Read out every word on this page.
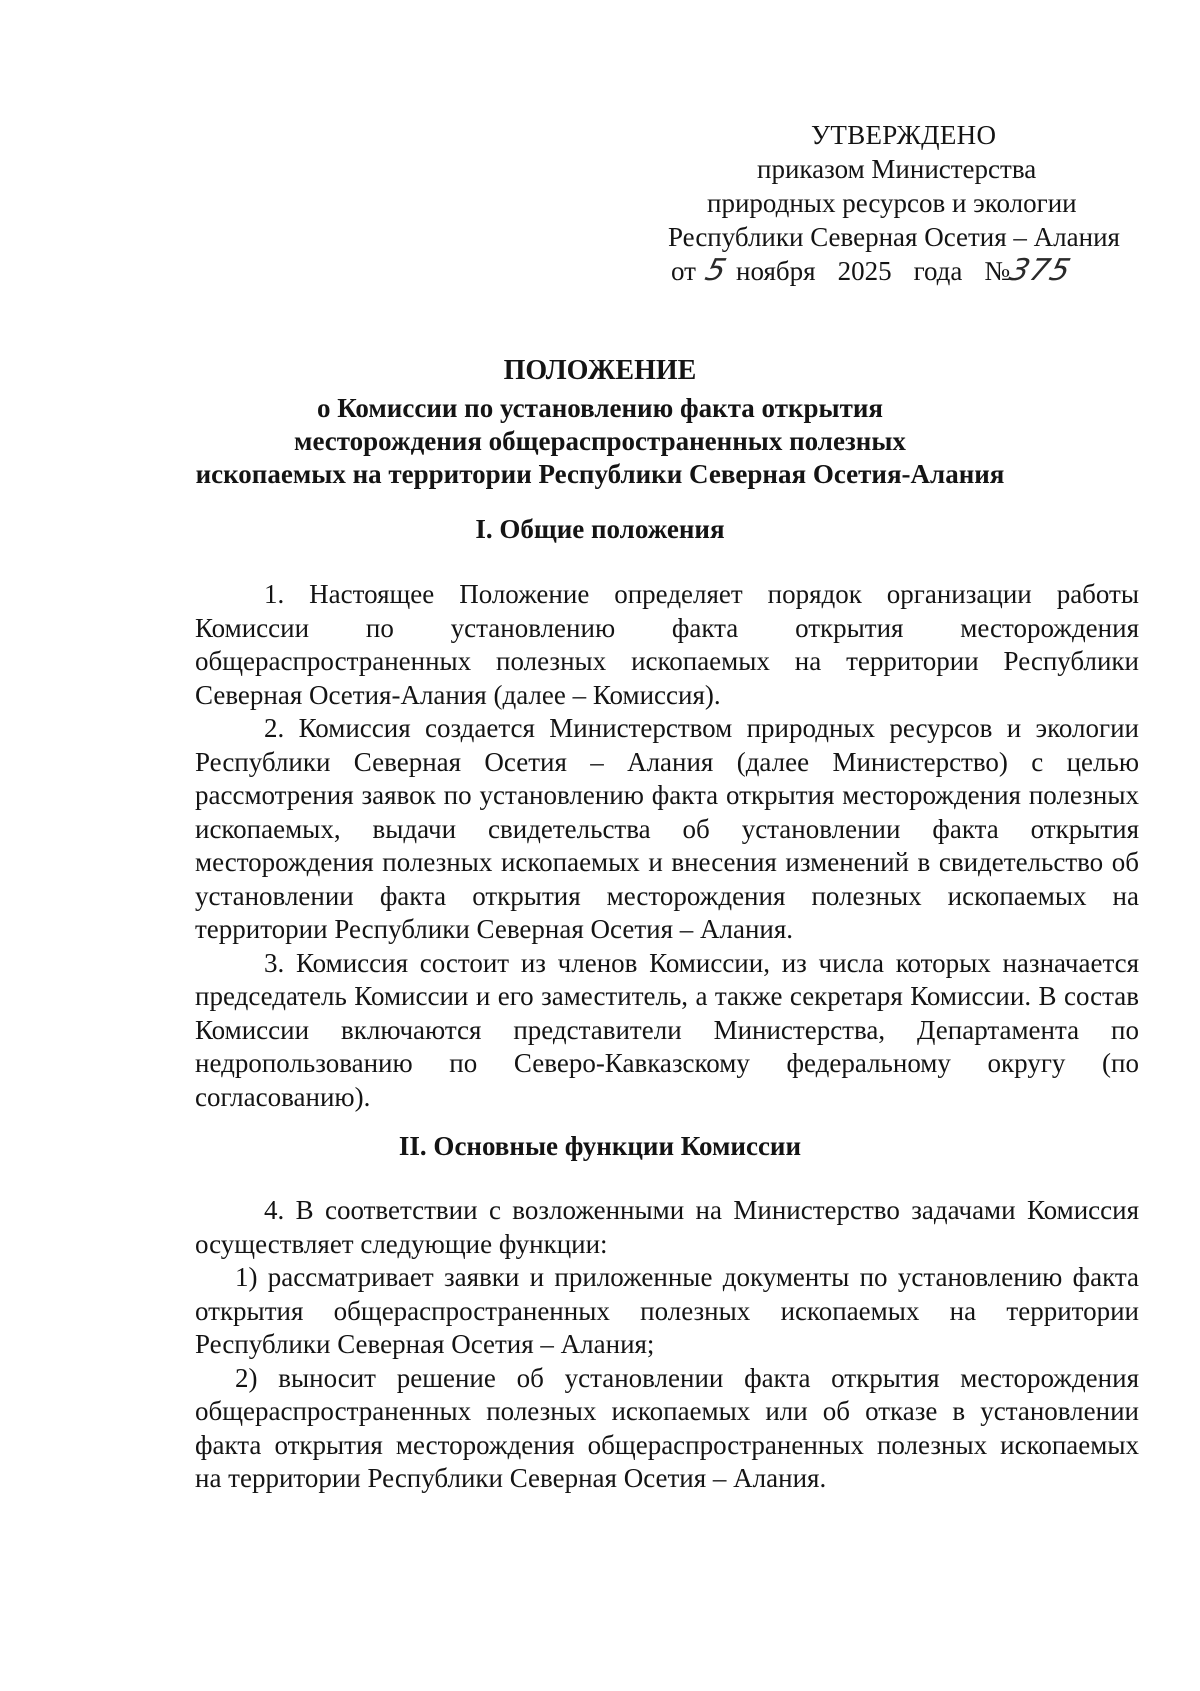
УТВЕРЖДЕНО
приказом Министерства
природных ресурсов и экологии
Республики Северная Осетия – Алания
от 5 ноября 2025 года №375
ПОЛОЖЕНИЕ
о Комиссии по установлению факта открытия
месторождения общераспространенных полезных
ископаемых на территории Республики Северная Осетия-Алания
I. Общие положения

1. Настоящее Положение определяет порядок организации работы Комиссии по установлению факта открытия месторождения общераспространенных полезных ископаемых на территории Республики Северная Осетия-Алания (далее – Комиссия).

2. Комиссия создается Министерством природных ресурсов и экологии Республики Северная Осетия – Алания (далее Министерство) с целью рассмотрения заявок по установлению факта открытия месторождения полезных ископаемых, выдачи свидетельства об установлении факта открытия месторождения полезных ископаемых и внесения изменений в свидетельство об установлении факта открытия месторождения полезных ископаемых на территории Республики Северная Осетия – Алания.

3. Комиссия состоит из членов Комиссии, из числа которых назначается председатель Комиссии и его заместитель, а также секретаря Комиссии. В состав Комиссии включаются представители Министерства, Департамента по недропользованию по Северо-Кавказскому федеральному округу (по согласованию).

II. Основные функции Комиссии

4. В соответствии с возложенными на Министерство задачами Комиссия осуществляет следующие функции:

1) рассматривает заявки и приложенные документы по установлению факта открытия общераспространенных полезных ископаемых на территории Республики Северная Осетия – Алания;

2) выносит решение об установлении факта открытия месторождения общераспространенных полезных ископаемых или об отказе в установлении факта открытия месторождения общераспространенных полезных ископаемых на территории Республики Северная Осетия – Алания.
